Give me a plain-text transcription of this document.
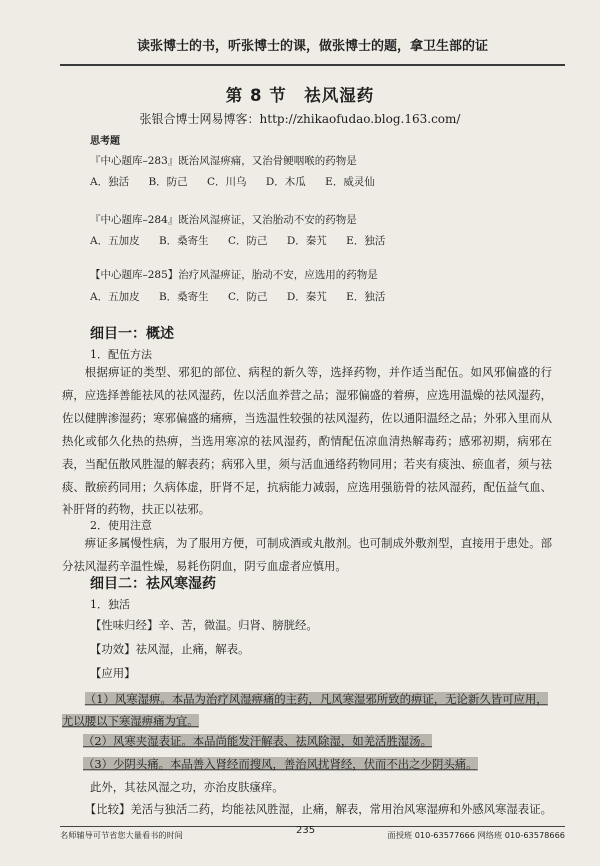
读张博士的书，听张博士的课，做张博士的题，拿卫生部的证
第 8 节　祛风湿药
张银合博士网易博客：http://zhikaofudao.blog.163.com/
思考题
『中心题库–283』既治风湿痹痛，又治骨鲠咽喉的药物是
A．独活 B．防己 C．川乌 D．木瓜 E．威灵仙
『中心题库–284』既治风湿痹证，又治胎动不安的药物是
A．五加皮 B．桑寄生 C．防己 D．秦艽 E．独活
【中心题库–285】治疗风湿痹证，胎动不安，应选用的药物是
A．五加皮 B．桑寄生 C．防己 D．秦艽 E．独活
细目一：概述
1．配伍方法
根据痹证的类型、邪犯的部位、病程的新久等，选择药物，并作适当配伍。如风邪偏盛的行痹，应选择善能祛风的祛风湿药，佐以活血养营之品；湿邪偏盛的着痹，应选用温燥的祛风湿药，佐以健脾渗湿药；寒邪偏盛的痛痹，当选温性较强的祛风湿药，佐以通阳温经之品；外邪入里而从热化或郁久化热的热痹，当选用寒凉的祛风湿药，酌情配伍凉血清热解毒药；感邪初期，病邪在表，当配伍散风胜湿的解表药；病邪入里，须与活血通络药物同用；若夹有痰浊、瘀血者，须与祛痰、散瘀药同用；久病体虚，肝肾不足，抗病能力减弱，应选用强筋骨的祛风湿药，配伍益气血、补肝肾的药物，扶正以祛邪。
2．使用注意
痹证多属慢性病，为了服用方便，可制成酒或丸散剂。也可制成外敷剂型，直接用于患处。部分祛风湿药辛温性燥，易耗伤阴血，阴亏血虚者应慎用。
细目二：祛风寒湿药
1．独活
【性味归经】辛、苦，微温。归肾、膀胱经。
【功效】祛风湿，止痛，解表。
【应用】
（1）风寒湿痹。本品为治疗风湿痹痛的主药，凡风寒湿邪所致的痹证，无论新久皆可应用，尤以腰以下寒湿痹痛为宜。
（2）风寒夹湿表证。本品尚能发汗解表、祛风除湿，如羌活胜湿汤。
（3）少阴头痛。本品善入肾经而搜风，善治风扰肾经，伏而不出之少阴头痛。
此外，其祛风湿之功，亦治皮肤瘙痒。
【比较】羌活与独活二药，均能祛风胜湿，止痛，解表，常用治风寒湿痹和外感风寒湿表证。
名师辅导可节省您大量看书的时间	235	面授班 010-63577666 网络班 010-63578666
